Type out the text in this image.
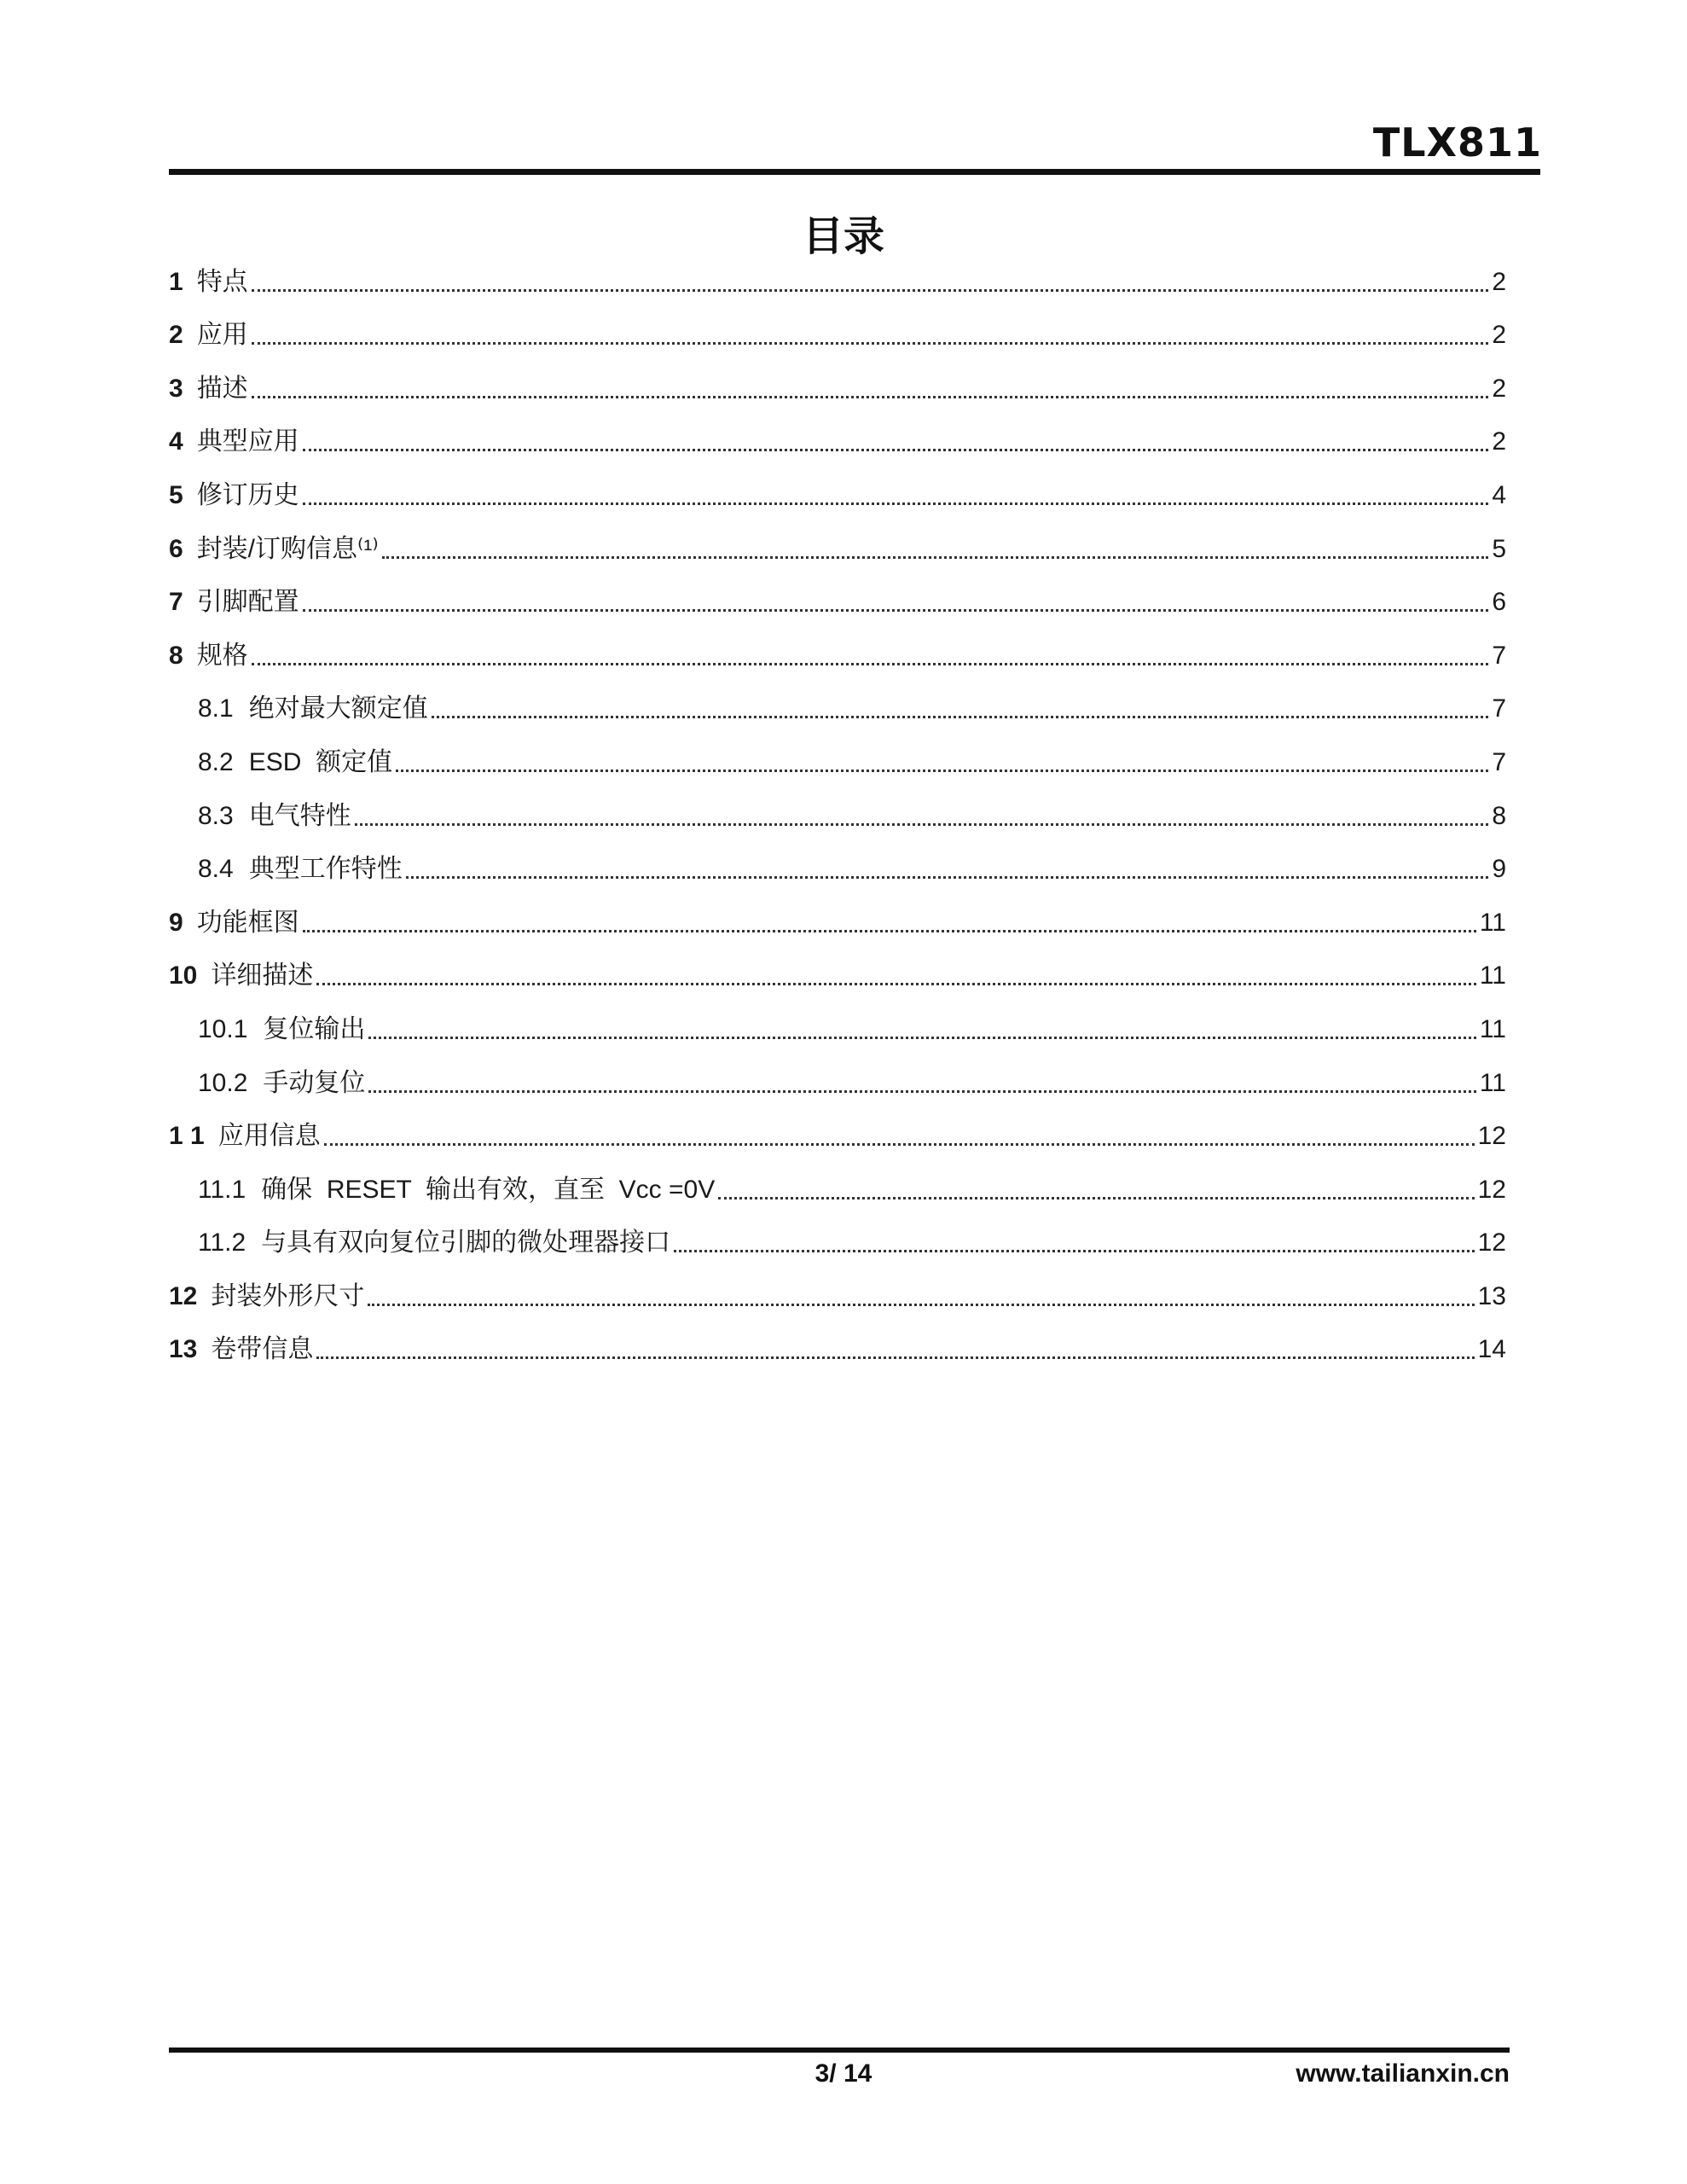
TLX811
目录
1 特点	2
2 应用	2
3 描述	2
4 典型应用	2
5 修订历史	4
6 封装/订购信息⁽¹⁾	5
7 引脚配置	6
8 规格	7
8.1 绝对最大额定值	7
8.2 ESD  额定值	7
8.3 电气特性	8
8.4 典型工作特性	9
9 功能框图	11
10 详细描述	11
10.1 复位输出	11
10.2 手动复位	11
1 1 应用信息	12
11.1 确保  RESET  输出有效，直至  Vcc =0V	12
11.2 与具有双向复位引脚的微处理器接口	12
12 封装外形尺寸	13
13 卷带信息	14
3/ 14	www.tailianxin.cn
